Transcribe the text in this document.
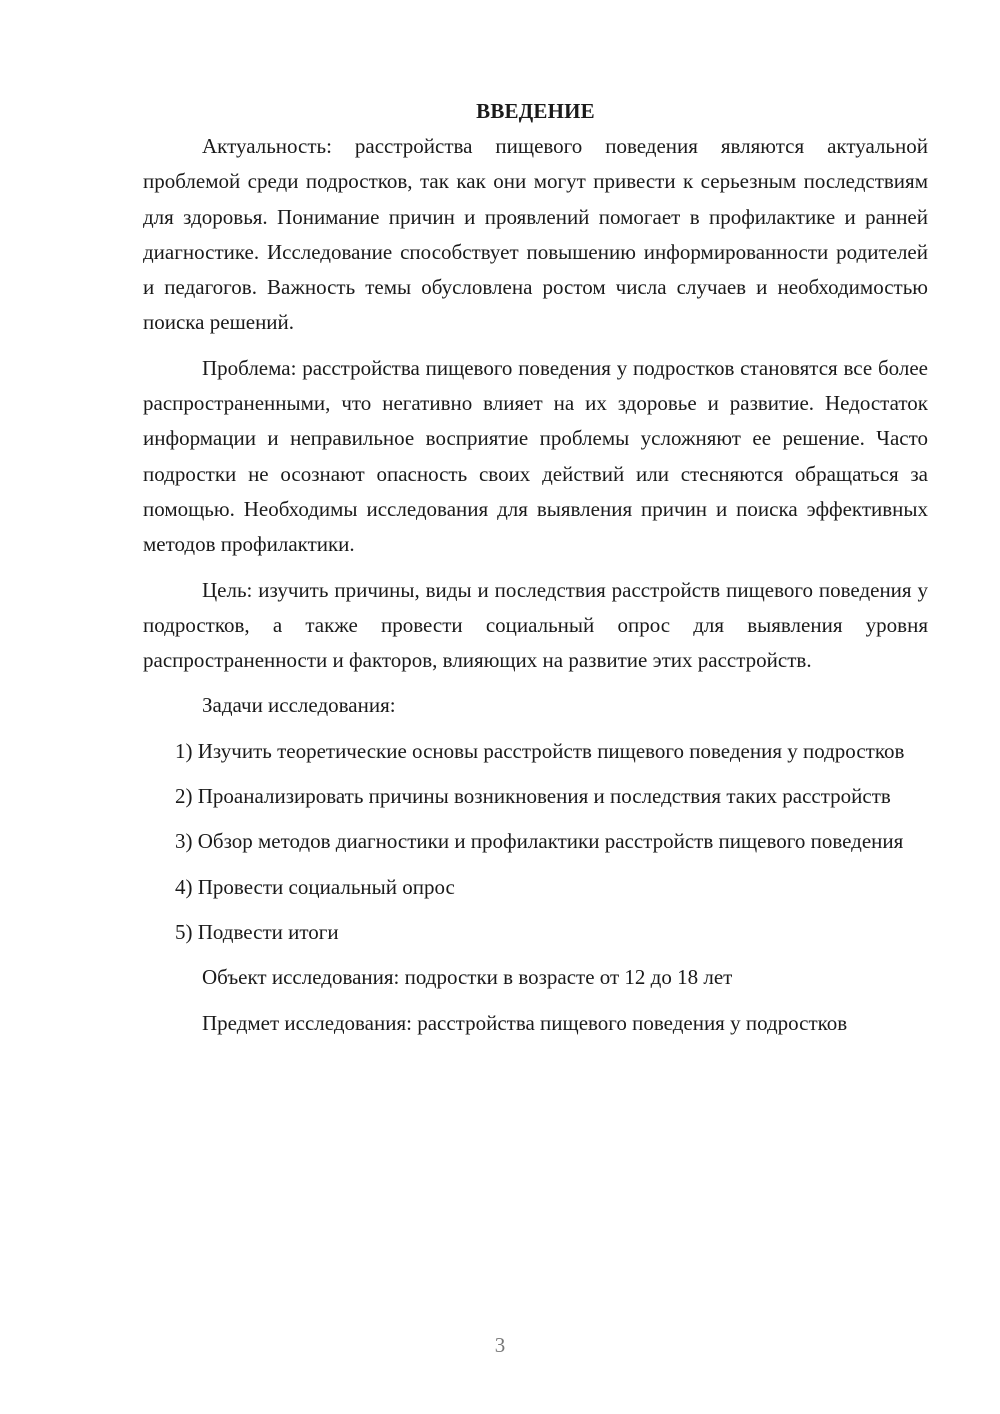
ВВЕДЕНИЕ

Актуальность: расстройства пищевого поведения являются актуальной проблемой среди подростков, так как они могут привести к серьезным последствиям для здоровья. Понимание причин и проявлений помогает в профилактике и ранней диагностике. Исследование способствует повышению информированности родителей и педагогов. Важность темы обусловлена ростом числа случаев и необходимостью поиска решений.

Проблема: расстройства пищевого поведения у подростков становятся все более распространенными, что негативно влияет на их здоровье и развитие. Недостаток информации и неправильное восприятие проблемы усложняют ее решение. Часто подростки не осознают опасность своих действий или стесняются обращаться за помощью. Необходимы исследования для выявления причин и поиска эффективных методов профилактики.

Цель: изучить причины, виды и последствия расстройств пищевого поведения у подростков, а также провести социальный опрос для выявления уровня распространенности и факторов, влияющих на развитие этих расстройств.

Задачи исследования:

1) Изучить теоретические основы расстройств пищевого поведения у подростков

2) Проанализировать причины возникновения и последствия таких расстройств

3) Обзор методов диагностики и профилактики расстройств пищевого поведения

4) Провести социальный опрос

5) Подвести итоги

Объект исследования: подростки в возрасте от 12 до 18 лет

Предмет исследования: расстройства пищевого поведения у подростков

3
